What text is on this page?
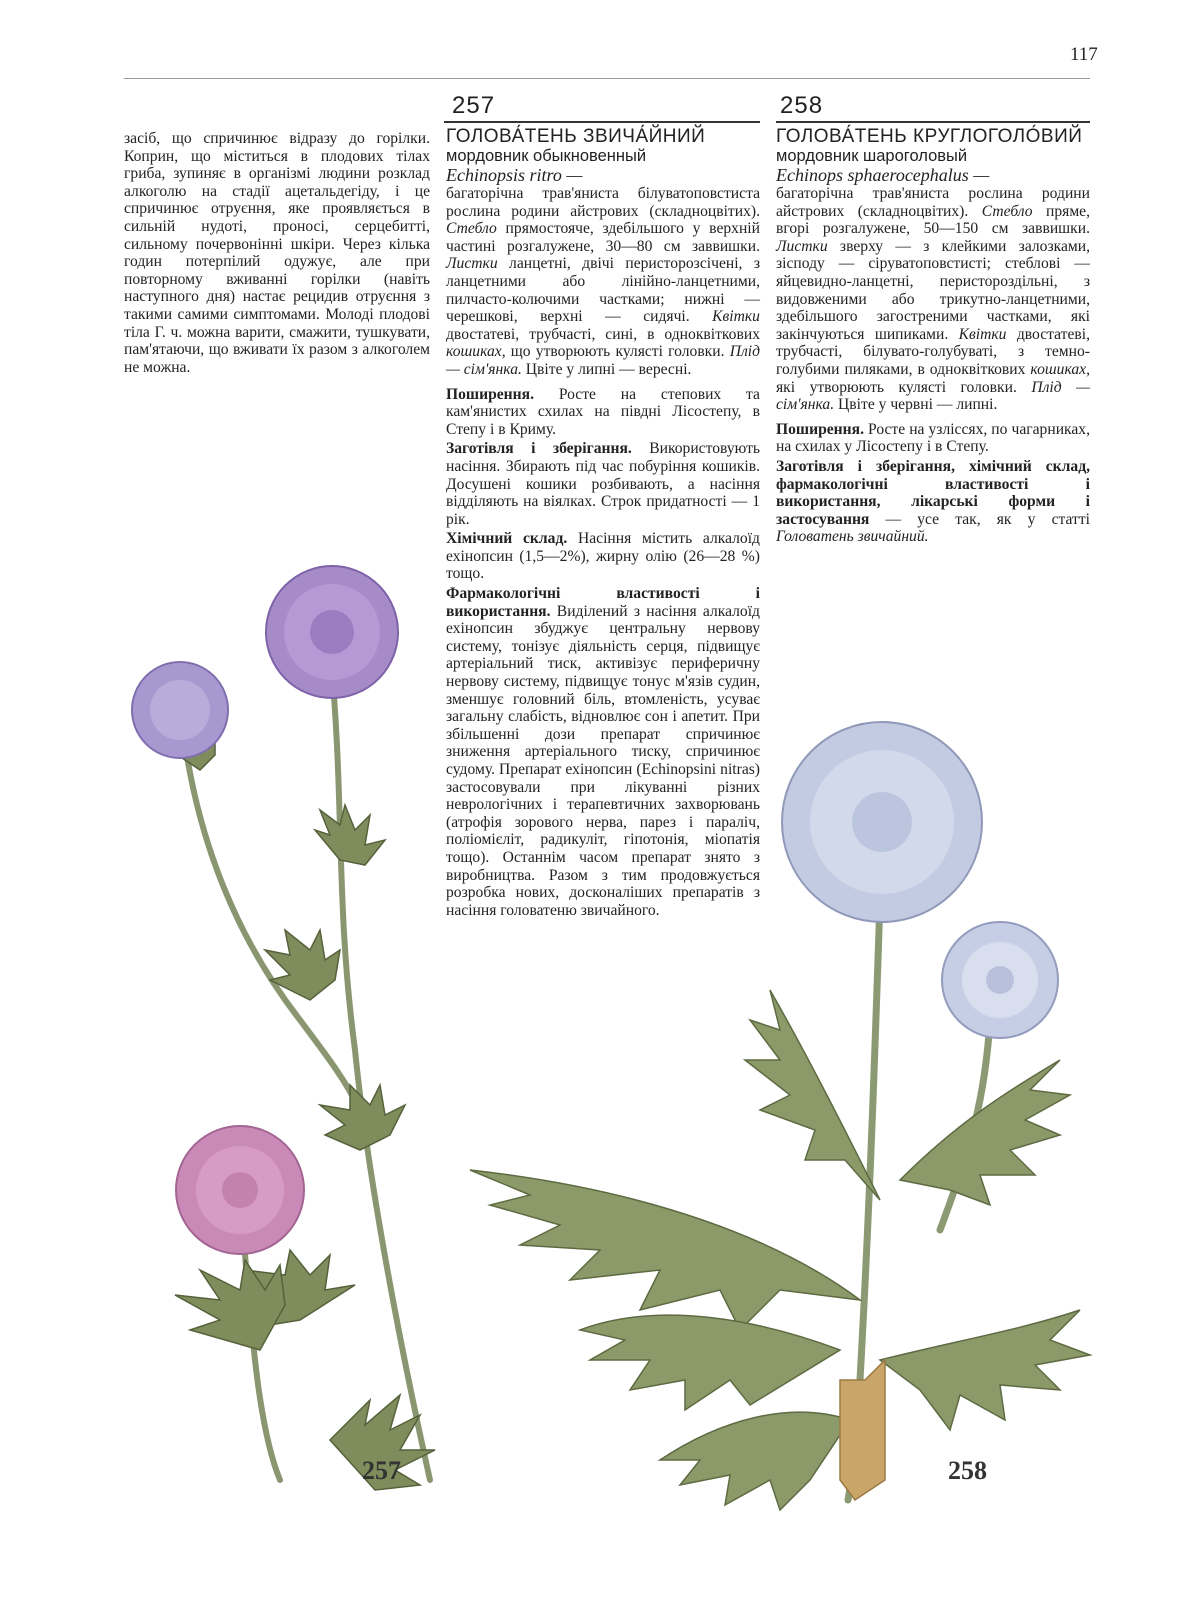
117
257	258
257	258

засіб, що спричинює відразу до горілки. Коприн, що міститься в плодових тілах гриба, зупиняє в організмі людини розклад алкоголю на стадії ацетальдегіду, і це спричинює отруєння, яке проявляється в сильній нудоті, проносі, серцебитті, сильному почервонінні шкіри. Через кілька годин потерпілий одужує, але при повторному вживанні горілки (навіть наступного дня) настає рецидив отруєння з такими самими симптомами. Молоді плодові тіла Г. ч. можна варити, смажити, тушкувати, пам'ятаючи, що вживати їх разом з алкоголем не можна.

ГОЛОВА́ТЕНЬ ЗВИЧА́ЙНИЙ
мордовник обыкновенный
Echinopsis ritro —

багаторічна трав'яниста білуватоповстиста рослина родини айстрових (складноцвітих). Стебло прямостояче, здебільшого у верхній частині розгалужене, 30—80 см заввишки. Листки ланцетні, двічі перисторозсічені, з ланцетними або лінійно-ланцетними, пилчасто-колючими частками; нижні — черешкові, верхні — сидячі. Квітки двостатеві, трубчасті, сині, в одноквіткових кошиках, що утворюють кулясті головки. Плід — сім'янка. Цвіте у липні — вересні.

Поширення. Росте на степових та кам'янистих схилах на півдні Лісостепу, в Степу і в Криму.

Заготівля і зберігання. Використовують насіння. Збирають під час побуріння кошиків. Досушені кошики розбивають, а насіння відділяють на віялках. Строк придатності — 1 рік.

Хімічний склад. Насіння містить алкалоїд ехінопсин (1,5—2%), жирну олію (26—28 %) тощо.

Фармакологічні властивості і використання. Виділений з насіння алкалоїд ехінопсин збуджує центральну нервову систему, тонізує діяльність серця, підвищує артеріальний тиск, активізує периферичну нервову систему, підвищує тонус м'язів судин, зменшує головний біль, втомленість, усуває загальну слабість, відновлює сон і апетит. При збільшенні дози препарат спричинює зниження артеріального тиску, спричинює судому. Препарат ехінопсин (Echinopsini nitras) застосовували при лікуванні різних неврологічних і терапевтичних захворювань (атрофія зорового нерва, парез і параліч, поліомієліт, радикуліт, гіпотонія, міопатія тощо). Останнім часом препарат знято з виробництва. Разом з тим продовжується розробка нових, досконаліших препаратів з насіння головатеню звичайного.

ГОЛОВА́ТЕНЬ КРУГЛОГОЛО́ВИЙ
мордовник шароголовый
Echinops sphaerocephalus —

багаторічна трав'яниста рослина родини айстрових (складноцвітих). Стебло пряме, вгорі розгалужене, 50—150 см заввишки. Листки зверху — з клейкими залозками, зісподу — сіруватоповстисті; стеблові — яйцевидно-ланцетні, перистороздільні, з видовженими або трикутно-ланцетними, здебільшого загостреними частками, які закінчуються шипиками. Квітки двостатеві, трубчасті, білувато-голубуваті, з темно-голубими пиляками, в одноквіткових кошиках, які утворюють кулясті головки. Плід — сім'янка. Цвіте у червні — липні.

Поширення. Росте на узліссях, по чагарниках, на схилах у Лісостепу і в Степу.

Заготівля і зберігання, хімічний склад, фармакологічні властивості і використання, лікарські форми і застосування — усе так, як у статті Головатень звичайний.
